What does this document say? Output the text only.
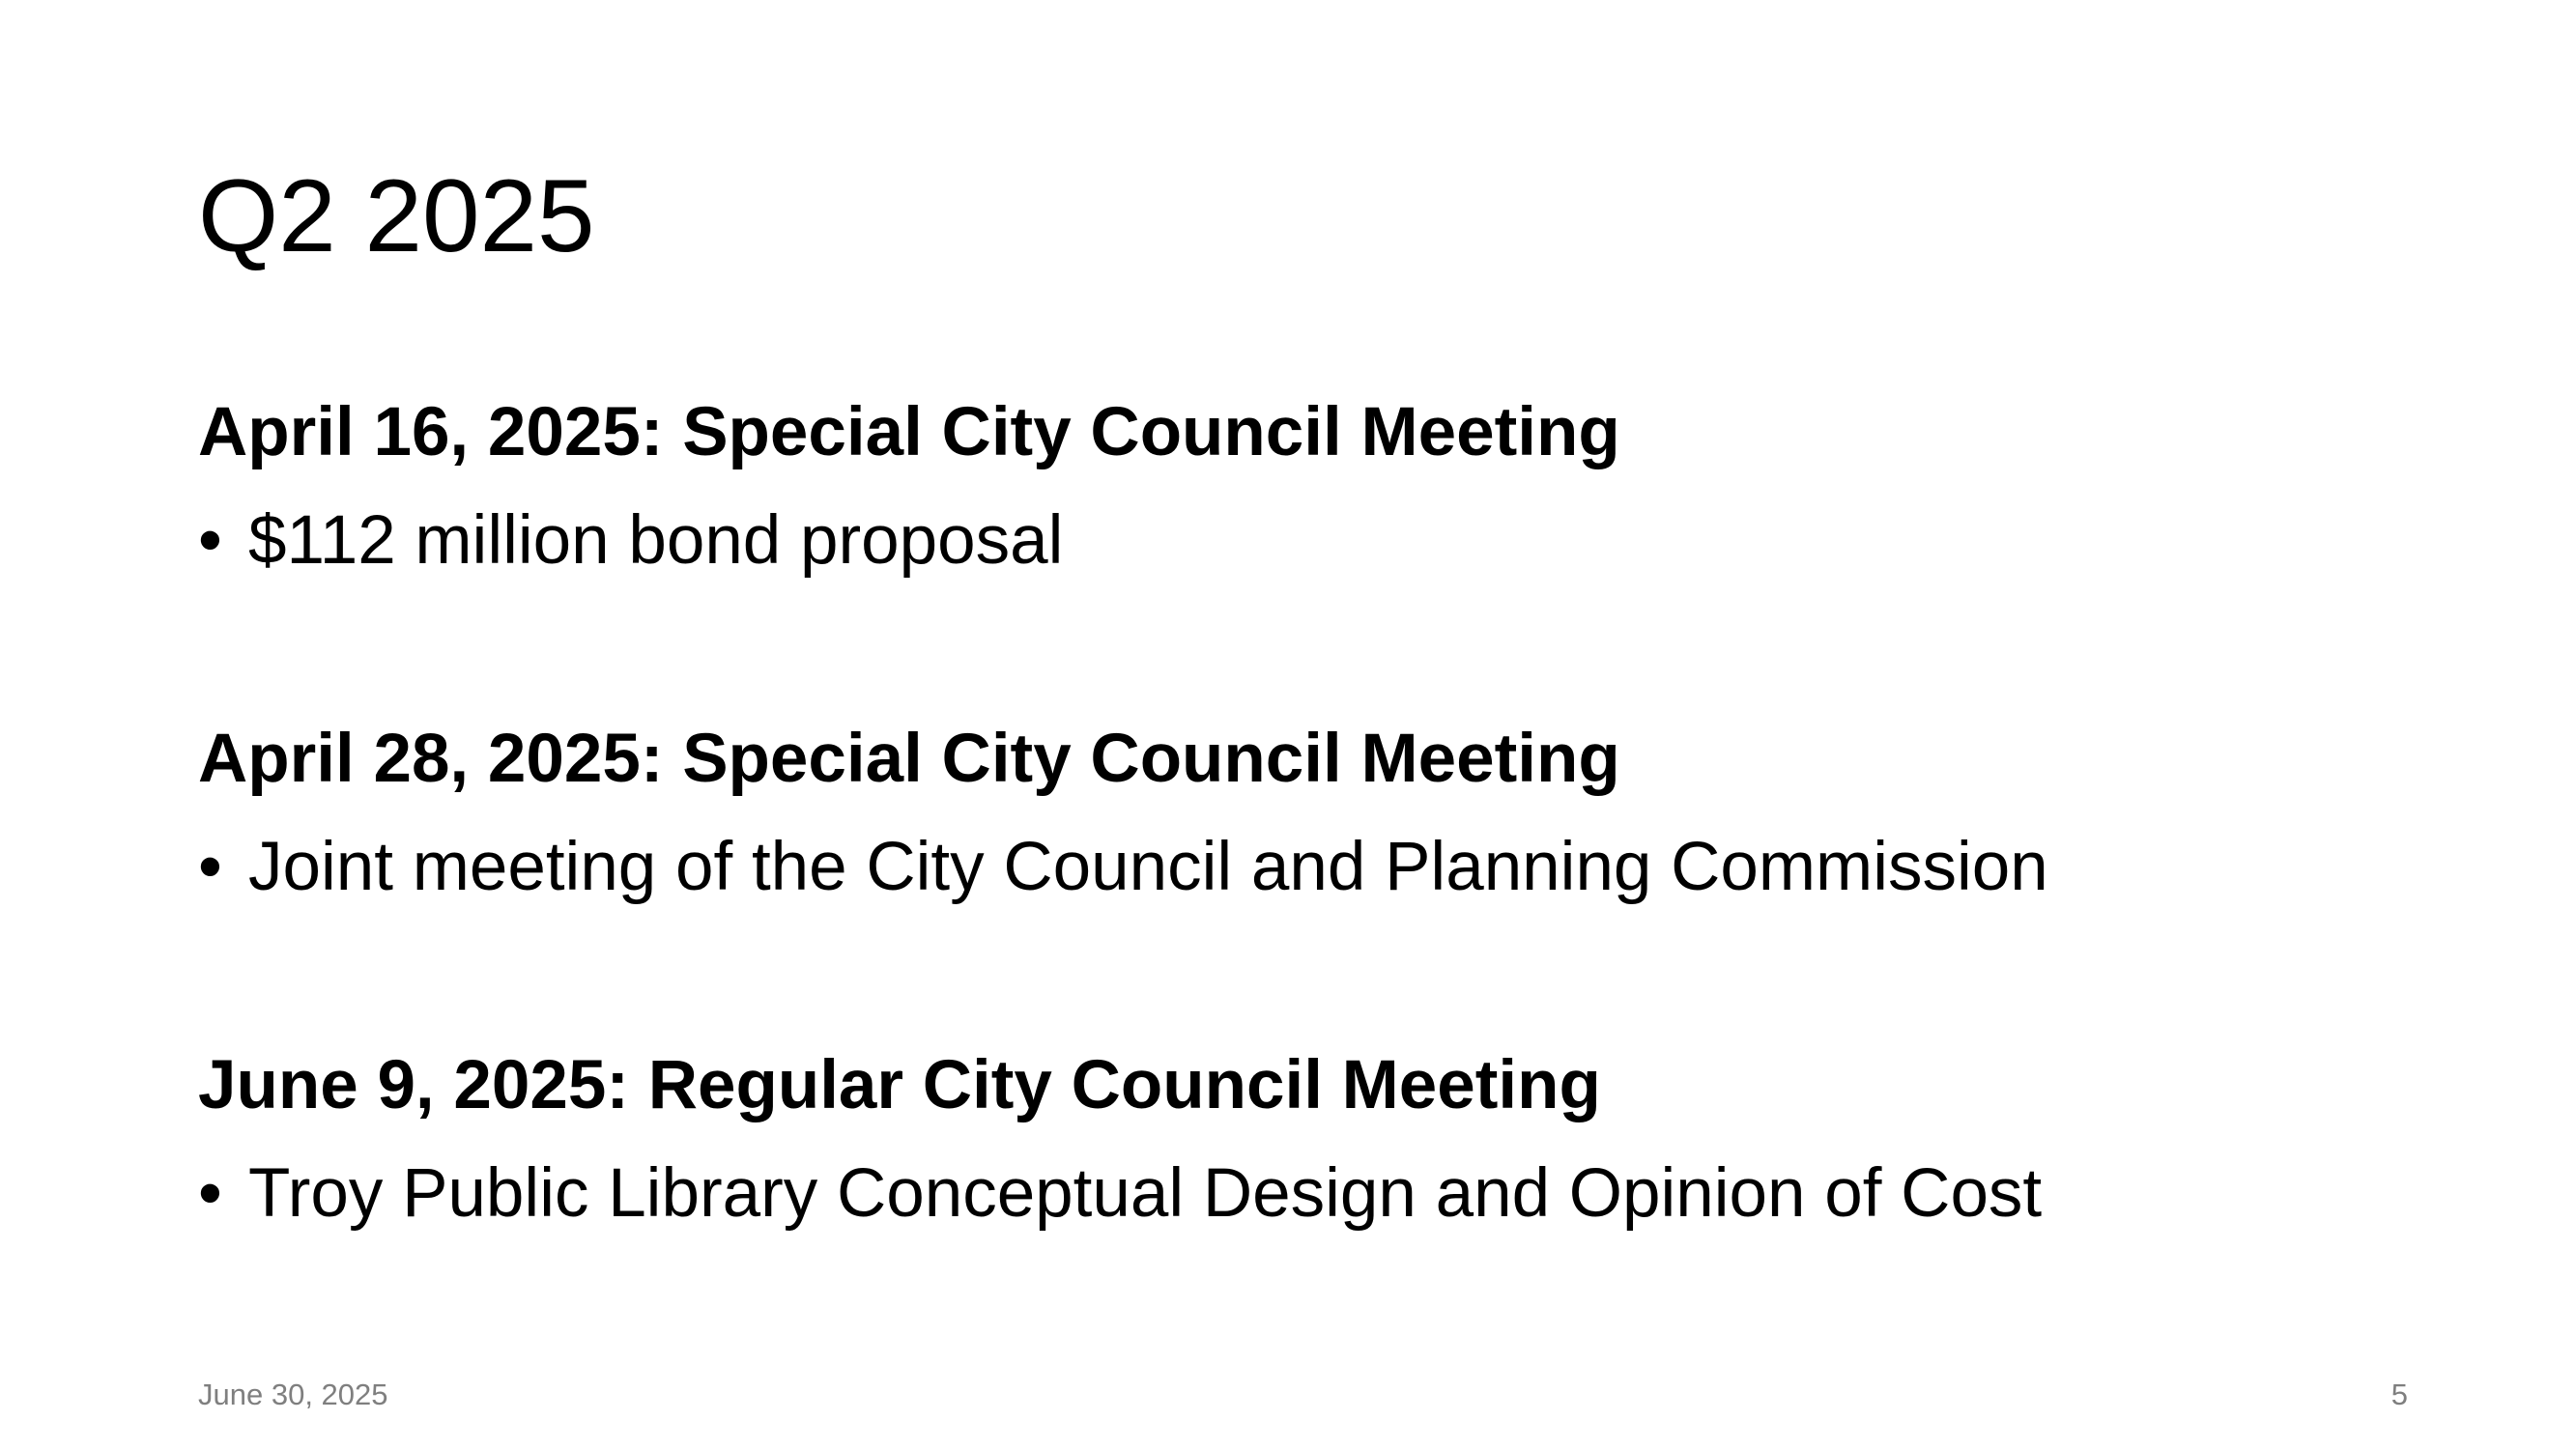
Q2 2025
April 16, 2025: Special City Council Meeting
• $112 million bond proposal
April 28, 2025: Special City Council Meeting
• Joint meeting of the City Council and Planning Commission
June 9, 2025: Regular City Council Meeting
• Troy Public Library Conceptual Design and Opinion of Cost
June 30, 2025	5
